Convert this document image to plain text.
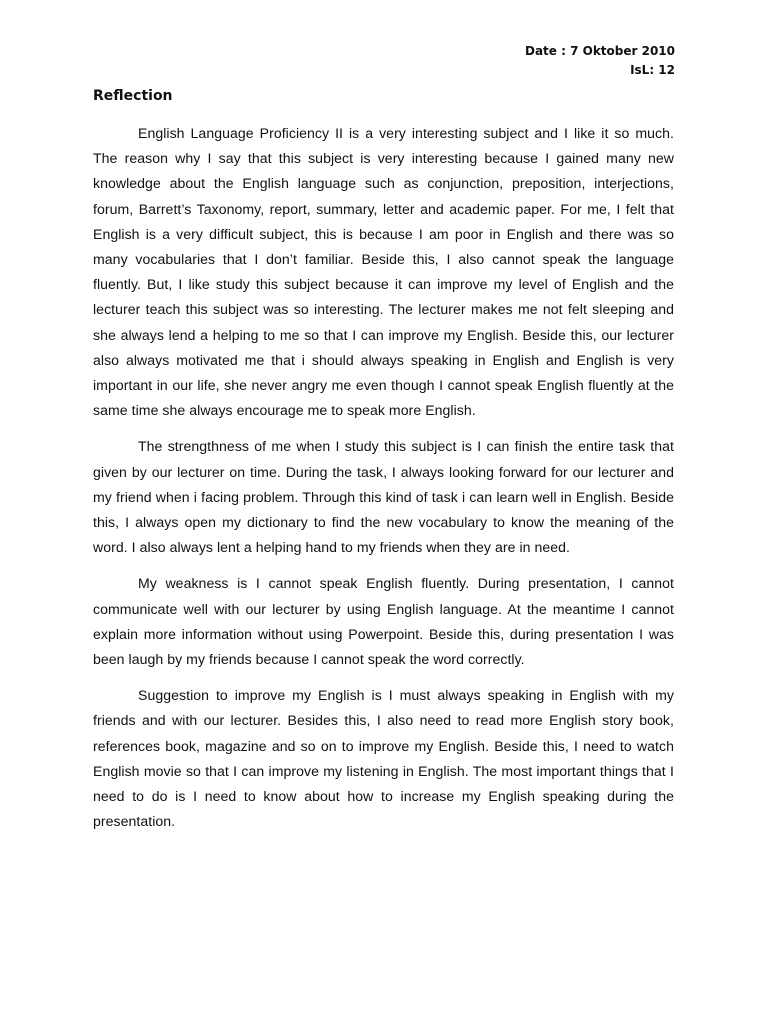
Date : 7 Oktober 2010
IsL: 12
Reflection

English Language Proficiency II is a very interesting subject and I like it so much. The reason why I say that this subject is very interesting because I gained many new knowledge about the English language such as conjunction, preposition, interjections, forum, Barrett’s Taxonomy, report, summary, letter and academic paper. For me, I felt that English is a very difficult subject, this is because I am poor in English and there was so many vocabularies that I don’t familiar. Beside this, I also cannot speak the language fluently. But, I like study this subject because it can improve my level of English and the lecturer teach this subject was so interesting. The lecturer makes me not felt sleeping and she always lend a helping to me so that I can improve my English. Beside this, our lecturer also always motivated me that i should always speaking in English and English is very important in our life, she never angry me even though I cannot speak English fluently at the same time she always encourage me to speak more English.

The strengthness of me when I study this subject is I can finish the entire task that given by our lecturer on time. During the task, I always looking forward for our lecturer and my friend when i facing problem. Through this kind of task i can learn well in English. Beside this, I always open my dictionary to find the new vocabulary to know the meaning of the word. I also always lent a helping hand to my friends when they are in need.

My weakness is I cannot speak English fluently. During presentation, I cannot communicate well with our lecturer by using English language. At the meantime I cannot explain more information without using Powerpoint. Beside this, during presentation I was been laugh by my friends because I cannot speak the word correctly.

Suggestion to improve my English is I must always speaking in English with my friends and with our lecturer. Besides this, I also need to read more English story book, references book, magazine and so on to improve my English. Beside this, I need to watch English movie so that I can improve my listening in English. The most important things that I need to do is I need to know about how to increase my English speaking during the presentation.
